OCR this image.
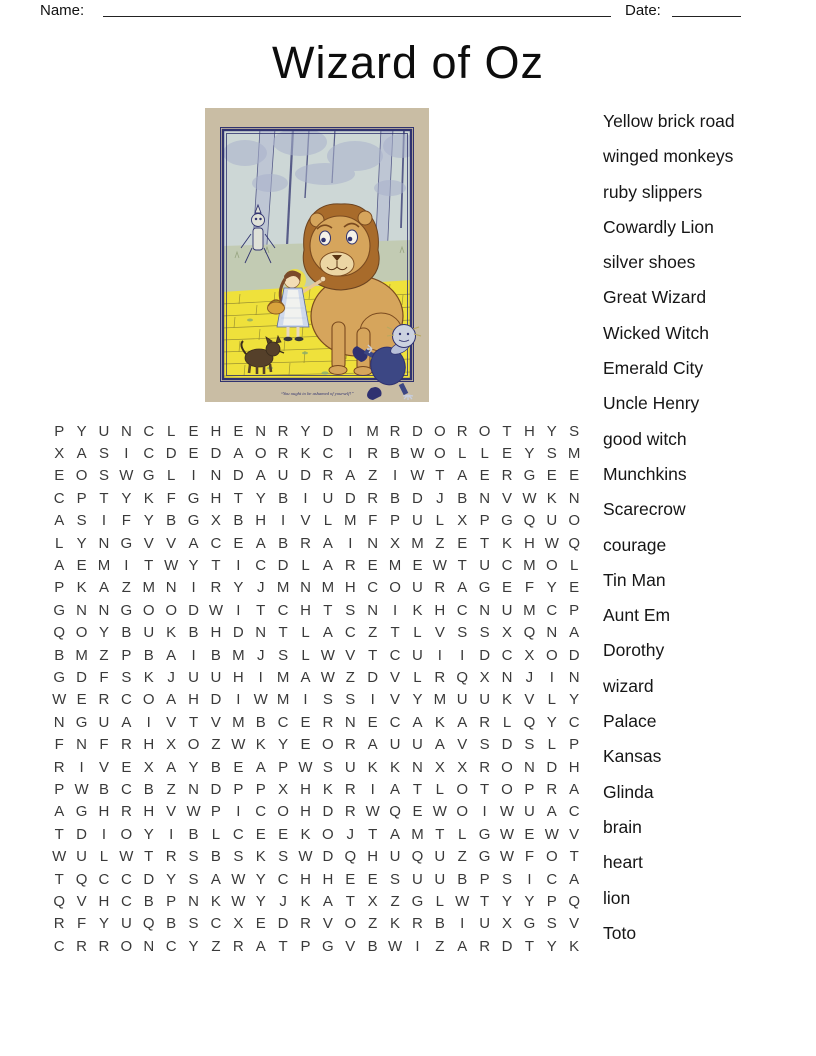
Name:	Date:
Wizard of Oz
“You ought to be ashamed of yourself!”
P Y U N C L E H E N R Y D I M R D O R O T H Y S
X A S	I C D E D A O R K C I R B W O L L E Y S M
E O S W G L	I N D A U D R A Z	I W T A E R G E E
C P T Y K F G H T Y B	I U D R B D J B N V W K N
A S	I	F Y B G X B H I	V L M F P U L X P G Q U O
L Y N G V V A C E A B R A	I N X M Z E T K H W Q
A E M I	T W Y T	I C D L A R E M E W T U C M O L
P K A Z M N I R Y J M N M H C O U R A G E F Y E
G N N G O O D W I	T C H T S N I	K H C N U M C P
Q O Y B U K B H D N T L A C Z T L V S S X Q N A
B M Z P B A	I	B M J S L W V T C U I	I D C X O D
G D F S K J U U H I M A W Z D V L R Q X N J	I N
W E R C O A H D I W M I	S S	I	V Y M U U K V L Y
N G U A	I	V T V M B C E R N E C A K A R L Q Y C
F N F R H X O Z W K Y E O R A U U A V S D S L P
R I	V E X A Y B E A P W S U K K N X X R O N D H
P W B C B Z N D P P X H K R I	A T L O T O P R A
A G H R H V W P	I C O H D R W Q E W O I W U A C
T D I O Y	I	B L C E E K O J T A M T L G W E W V
W U L W T R S B S K S W D Q H U Q U Z G W F O T
T Q C C D Y S A W Y C H H E E S U U B P S	I C A
Q V H C B P N K W Y J K A T X Z G L W T Y Y P Q
R F Y U Q B S C X E D R V O Z K R B	I U X G S V
C R R O N C Y Z R A T P G V B W I	Z A R D T Y K
Yellow brick road
winged monkeys
ruby slippers
Cowardly Lion
silver shoes
Great Wizard
Wicked Witch
Emerald City
Uncle Henry
good witch
Munchkins
Scarecrow
courage
Tin Man
Aunt Em
Dorothy
wizard
Palace
Kansas
Glinda
brain
heart
lion
Toto
